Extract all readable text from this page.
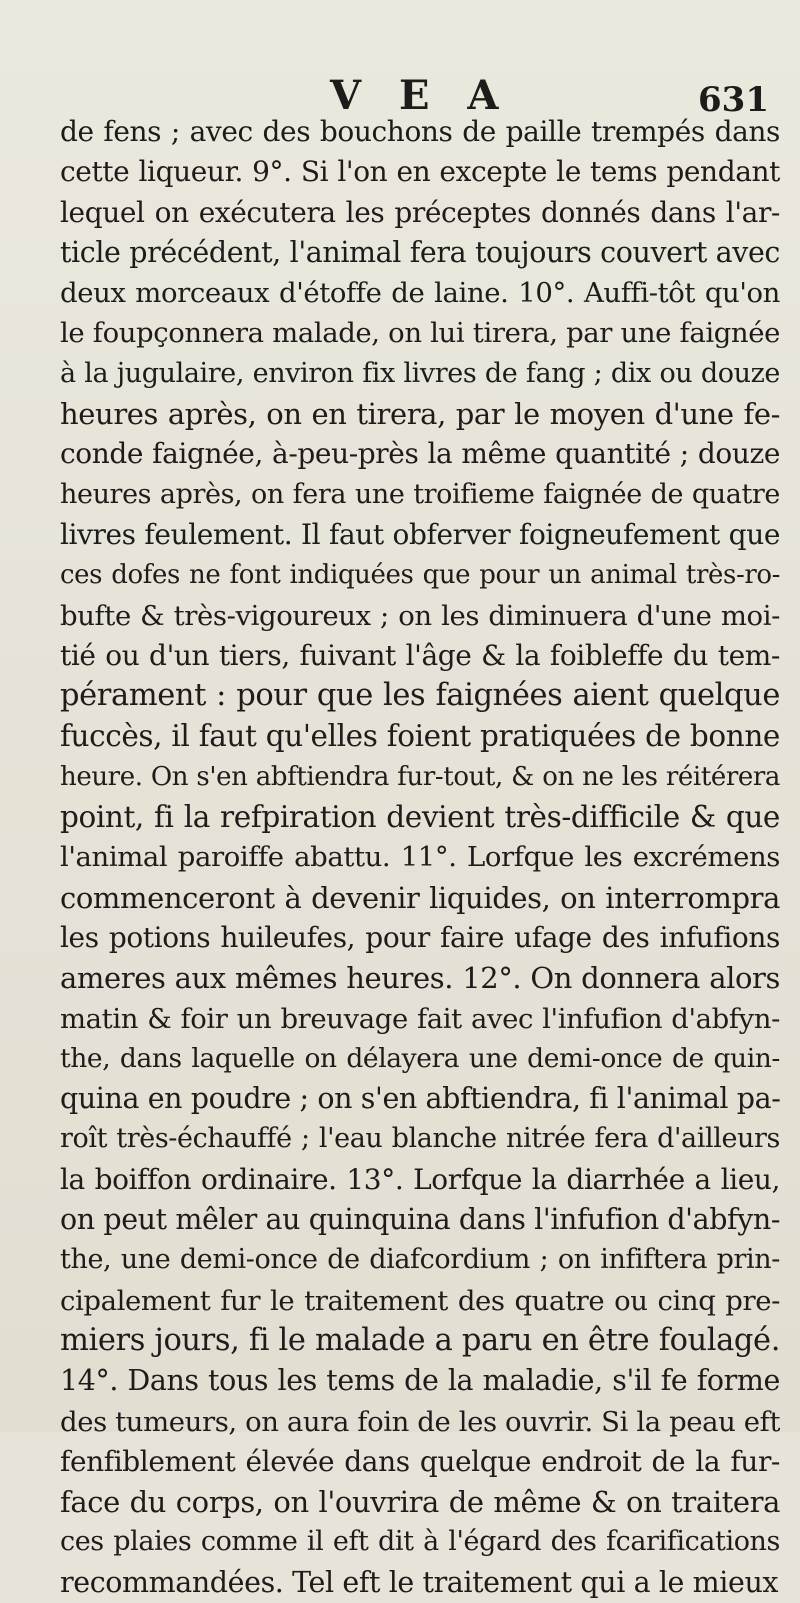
V E A	631
de fens ; avec des bouchons de paille trempés dans
cette liqueur. 9°. Si l'on en excepte le tems pendant
lequel on exécutera les préceptes donnés dans l'ar-
ticle précédent, l'animal fera toujours couvert avec
deux morceaux d'étoffe de laine. 10°. Auffi-tôt qu'on
le foupçonnera malade, on lui tirera, par une faignée
à la jugulaire, environ fix livres de fang ; dix ou douze
heures après, on en tirera, par le moyen d'une fe-
conde faignée, à-peu-près la même quantité ; douze
heures après, on fera une troifieme faignée de quatre
livres feulement. Il faut obferver foigneufement que
ces dofes ne font indiquées que pour un animal très-ro-
bufte & très-vigoureux ; on les diminuera d'une moi-
tié ou d'un tiers, fuivant l'âge & la foibleffe du tem-
pérament : pour que les faignées aient quelque
fuccès, il faut qu'elles foient pratiquées de bonne
heure. On s'en abftiendra fur-tout, & on ne les réitérera
point, fi la refpiration devient très-difficile & que
l'animal paroiffe abattu. 11°. Lorfque les excrémens
commenceront à devenir liquides, on interrompra
les potions huileufes, pour faire ufage des infufions
ameres aux mêmes heures. 12°. On donnera alors
matin & foir un breuvage fait avec l'infufion d'abfyn-
the, dans laquelle on délayera une demi-once de quin-
quina en poudre ; on s'en abftiendra, fi l'animal pa-
roît très-échauffé ; l'eau blanche nitrée fera d'ailleurs
la boiffon ordinaire. 13°. Lorfque la diarrhée a lieu,
on peut mêler au quinquina dans l'infufion d'abfyn-
the, une demi-once de diafcordium ; on infiftera prin-
cipalement fur le traitement des quatre ou cinq pre-
miers jours, fi le malade a paru en être foulagé.
14°. Dans tous les tems de la maladie, s'il fe forme
des tumeurs, on aura foin de les ouvrir. Si la peau eft
fenfiblement élevée dans quelque endroit de la fur-
face du corps, on l'ouvrira de même & on traitera
ces plaies comme il eft dit à l'égard des fcarifications
recommandées. Tel eft le traitement qui a le mieux
